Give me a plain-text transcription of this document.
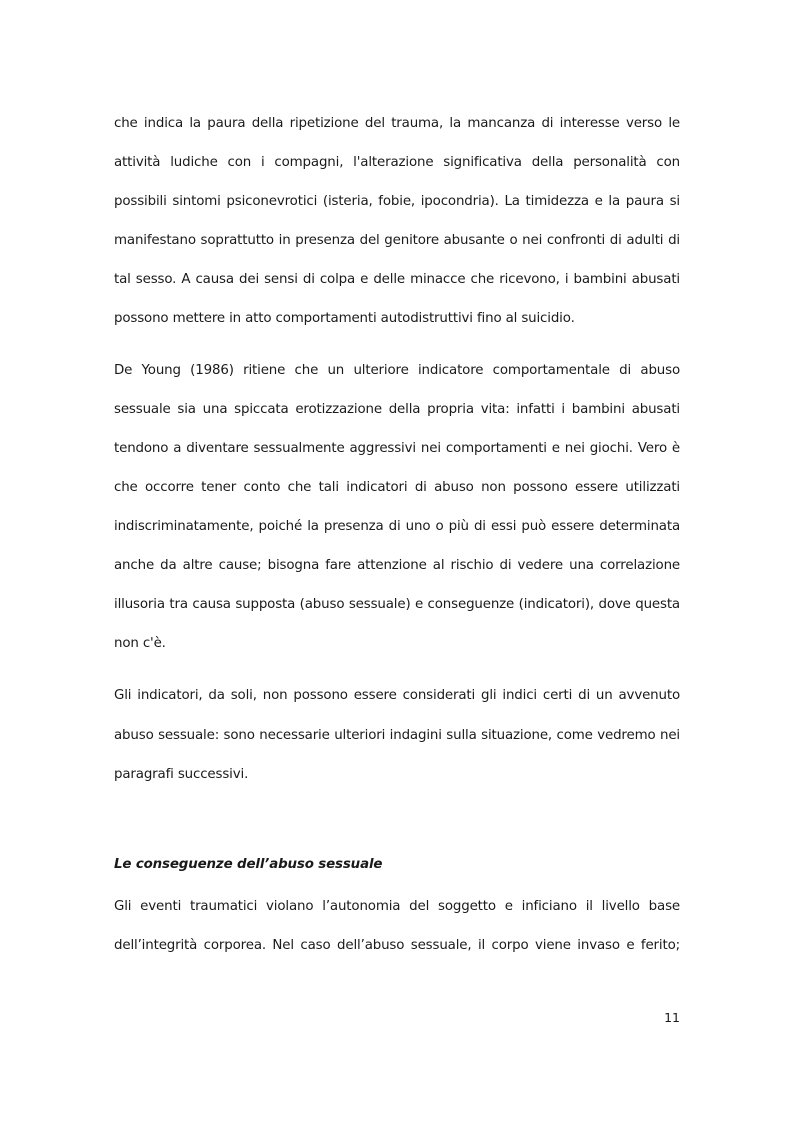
che indica la paura della ripetizione del trauma, la mancanza di interesse verso le
attività ludiche con i compagni, l'alterazione significativa della personalità con
possibili sintomi psiconevrotici (isteria, fobie, ipocondria). La timidezza e la paura si
manifestano soprattutto in presenza del genitore abusante o nei confronti di adulti di
tal sesso. A causa dei sensi di colpa e delle minacce che ricevono, i bambini abusati
possono mettere in atto comportamenti autodistruttivi fino al suicidio.
De Young (1986) ritiene che un ulteriore indicatore comportamentale di abuso
sessuale sia una spiccata erotizzazione della propria vita: infatti i bambini abusati
tendono a diventare sessualmente aggressivi nei comportamenti e nei giochi. Vero è
che occorre tener conto che tali indicatori di abuso non possono essere utilizzati
indiscriminatamente, poiché la presenza di uno o più di essi può essere determinata
anche da altre cause; bisogna fare attenzione al rischio di vedere una correlazione
illusoria tra causa supposta (abuso sessuale) e conseguenze (indicatori), dove questa
non c'è.
Gli indicatori, da soli, non possono essere considerati gli indici certi di un avvenuto
abuso sessuale: sono necessarie ulteriori indagini sulla situazione, come vedremo nei
paragrafi successivi.
Le conseguenze dell’abuso sessuale
Gli eventi traumatici violano l’autonomia del soggetto e inficiano il livello base
dell’integrità corporea. Nel caso dell’abuso sessuale, il corpo viene invaso e ferito;
11
